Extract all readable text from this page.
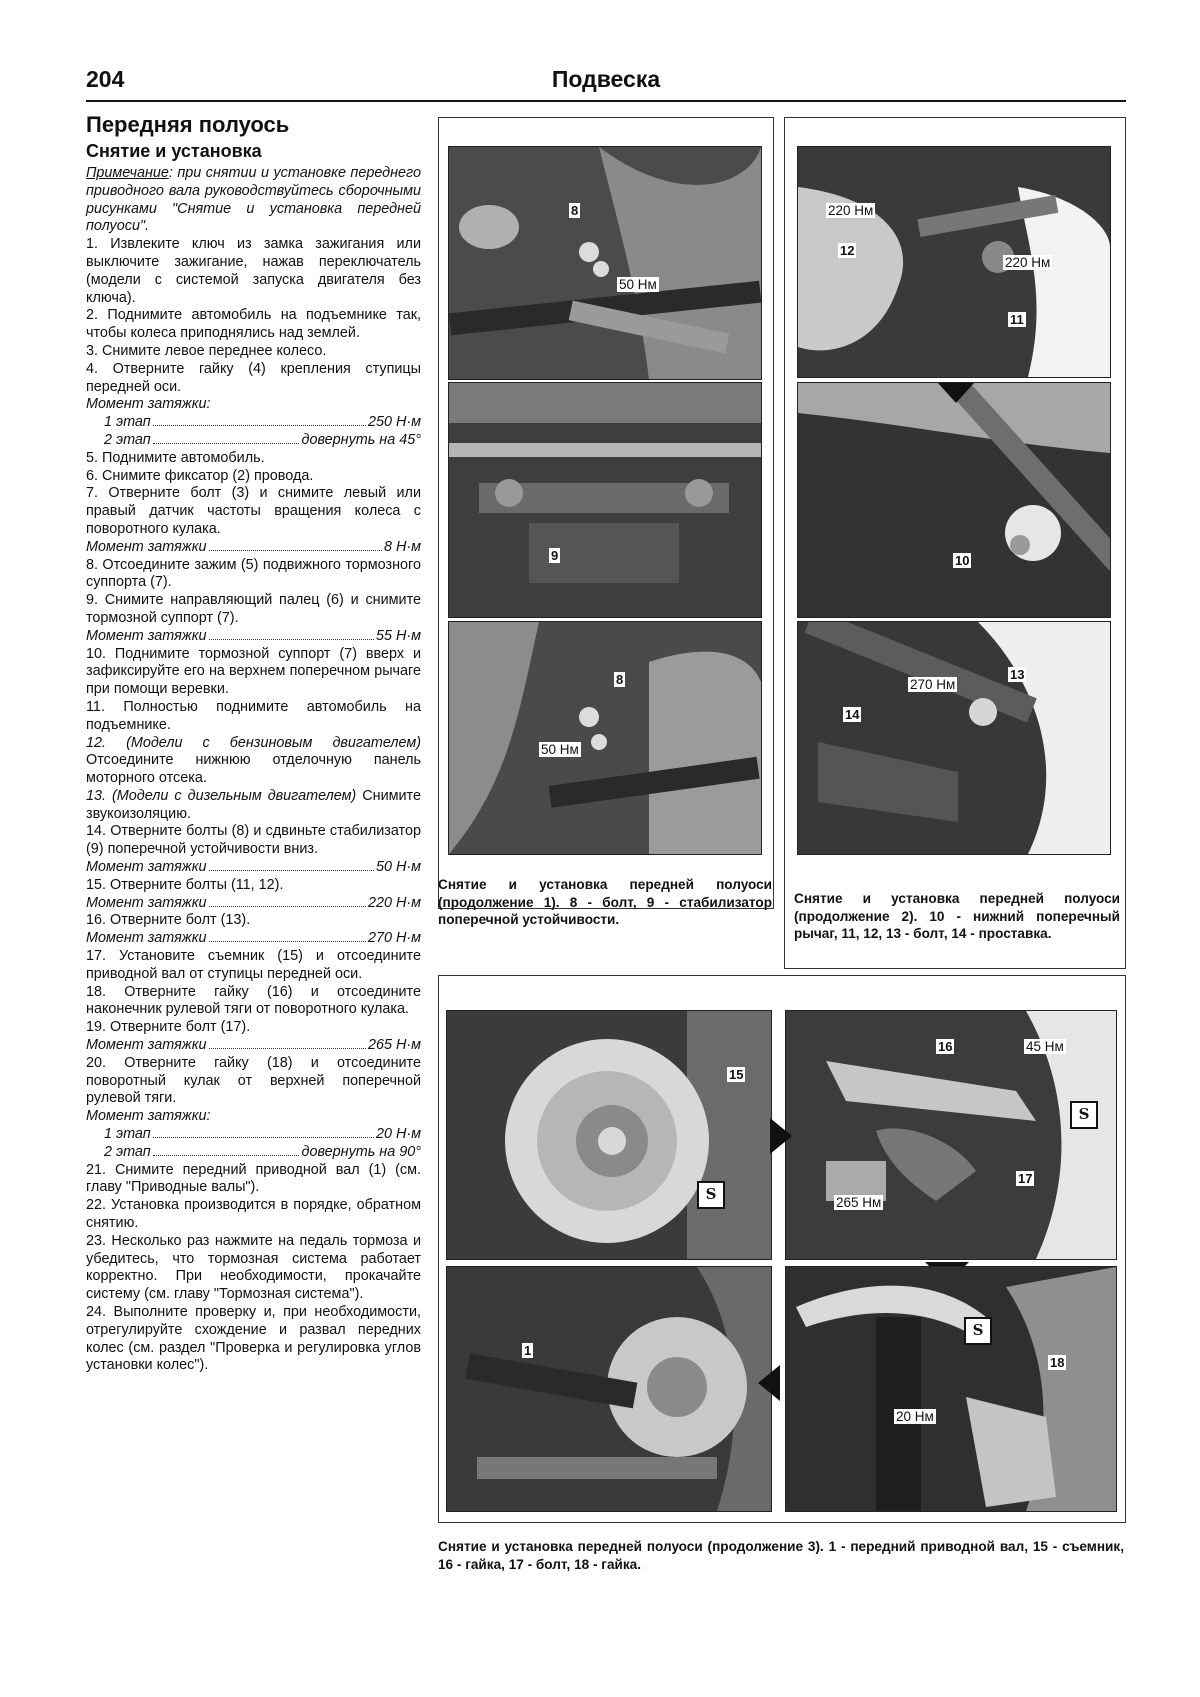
204	Подвеска
Передняя полуось
Снятие и установка

Примечание: при снятии и установке переднего приводного вала руководствуйтесь сборочными рисунками "Снятие и установка передней полуоси".

1. Извлеките ключ из замка зажигания или выключите зажигание, нажав переключатель (модели с системой запуска двигателя без ключа).

2. Поднимите автомобиль на подъемнике так, чтобы колеса приподнялись над землей.

3. Снимите левое переднее колесо.

4. Отверните гайку (4) крепления ступицы передней оси.

Момент затяжки:

1 этап	250 Н·м

2 этап	довернуть на 45°

5. Поднимите автомобиль.

6. Снимите фиксатор (2) провода.

7. Отверните болт (3) и снимите левый или правый датчик частоты вращения колеса с поворотного кулака.

Момент затяжки	8 Н·м

8. Отсоедините зажим (5) подвижного тормозного суппорта (7).

9. Снимите направляющий палец (6) и снимите тормозной суппорт (7).

Момент затяжки	55 Н·м

10. Поднимите тормозной суппорт (7) вверх и зафиксируйте его на верхнем поперечном рычаге при помощи веревки.

11. Полностью поднимите автомобиль на подъемнике.

12. (Модели с бензиновым двигателем) Отсоедините нижнюю отделочную панель моторного отсека.

13. (Модели с дизельным двигателем) Снимите звукоизоляцию.

14. Отверните болты (8) и сдвиньте стабилизатор (9) поперечной устойчивости вниз.

Момент затяжки	50 Н·м

15. Отверните болты (11, 12).

Момент затяжки	220 Н·м

16. Отверните болт (13).

Момент затяжки	270 Н·м

17. Установите съемник (15) и отсоедините приводной вал от ступицы передней оси.

18. Отверните гайку (16) и отсоедините наконечник рулевой тяги от поворотного кулака.

19. Отверните болт (17).

Момент затяжки	265 Н·м

20. Отверните гайку (18) и отсоедините поворотный кулак от верхней поперечной рулевой тяги.

Момент затяжки:

1 этап	20 Н·м

2 этап	довернуть на 90°

21. Снимите передний приводной вал (1) (см. главу "Приводные валы").

22. Установка производится в порядке, обратном снятию.

23. Несколько раз нажмите на педаль тормоза и убедитесь, что тормозная система работает корректно. При необходимости, прокачайте систему (см. главу "Тормозная система").

24. Выполните проверку и, при необходимости, отрегулируйте схождение и развал передних колес (см. раздел "Проверка и регулировка углов установки колес").

8
50 Нм
9
8
50 Нм
Снятие и установка передней полуоси (продолжение 1). 8 - болт, 9 - стабилизатор поперечной устойчивости.
220 Нм
12
220 Нм
11
10
270 Нм
13
14
Снятие и установка передней полуоси (продолжение 2). 10 - нижний поперечный рычаг, 11, 12, 13 - болт, 14 - проставка.
15
S
16	45 Нм
S
17
265 Нм
1
S
18
20 Нм
Снятие и установка передней полуоси (продолжение 3). 1 - передний приводной вал, 15 - съемник, 16 - гайка, 17 - болт, 18 - гайка.
